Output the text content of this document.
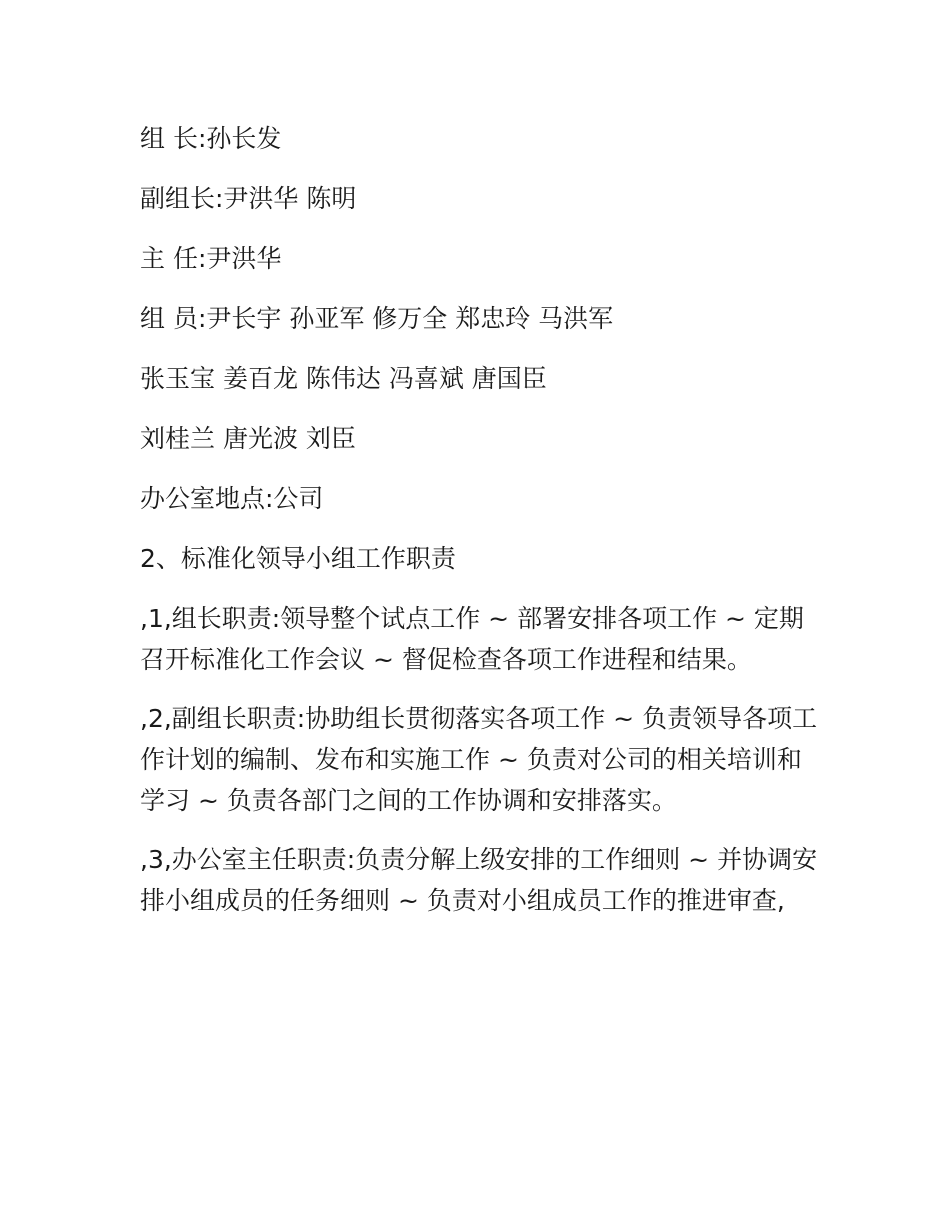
组 长:孙长发
副组长:尹洪华 陈明
主 任:尹洪华
组 员:尹长宇 孙亚军 修万全 郑忠玲 马洪军
张玉宝 姜百龙 陈伟达 冯喜斌 唐国臣
刘桂兰 唐光波 刘臣
办公室地点:公司
2、标准化领导小组工作职责
,1,组长职责:领导整个试点工作 ~ 部署安排各项工作 ~ 定期召开标准化工作会议 ~ 督促检查各项工作进程和结果。
,2,副组长职责:协助组长贯彻落实各项工作 ~ 负责领导各项工作计划的编制、发布和实施工作 ~ 负责对公司的相关培训和学习 ~ 负责各部门之间的工作协调和安排落实。
,3,办公室主任职责:负责分解上级安排的工作细则 ~ 并协调安排小组成员的任务细则 ~ 负责对小组成员工作的推进审查,
